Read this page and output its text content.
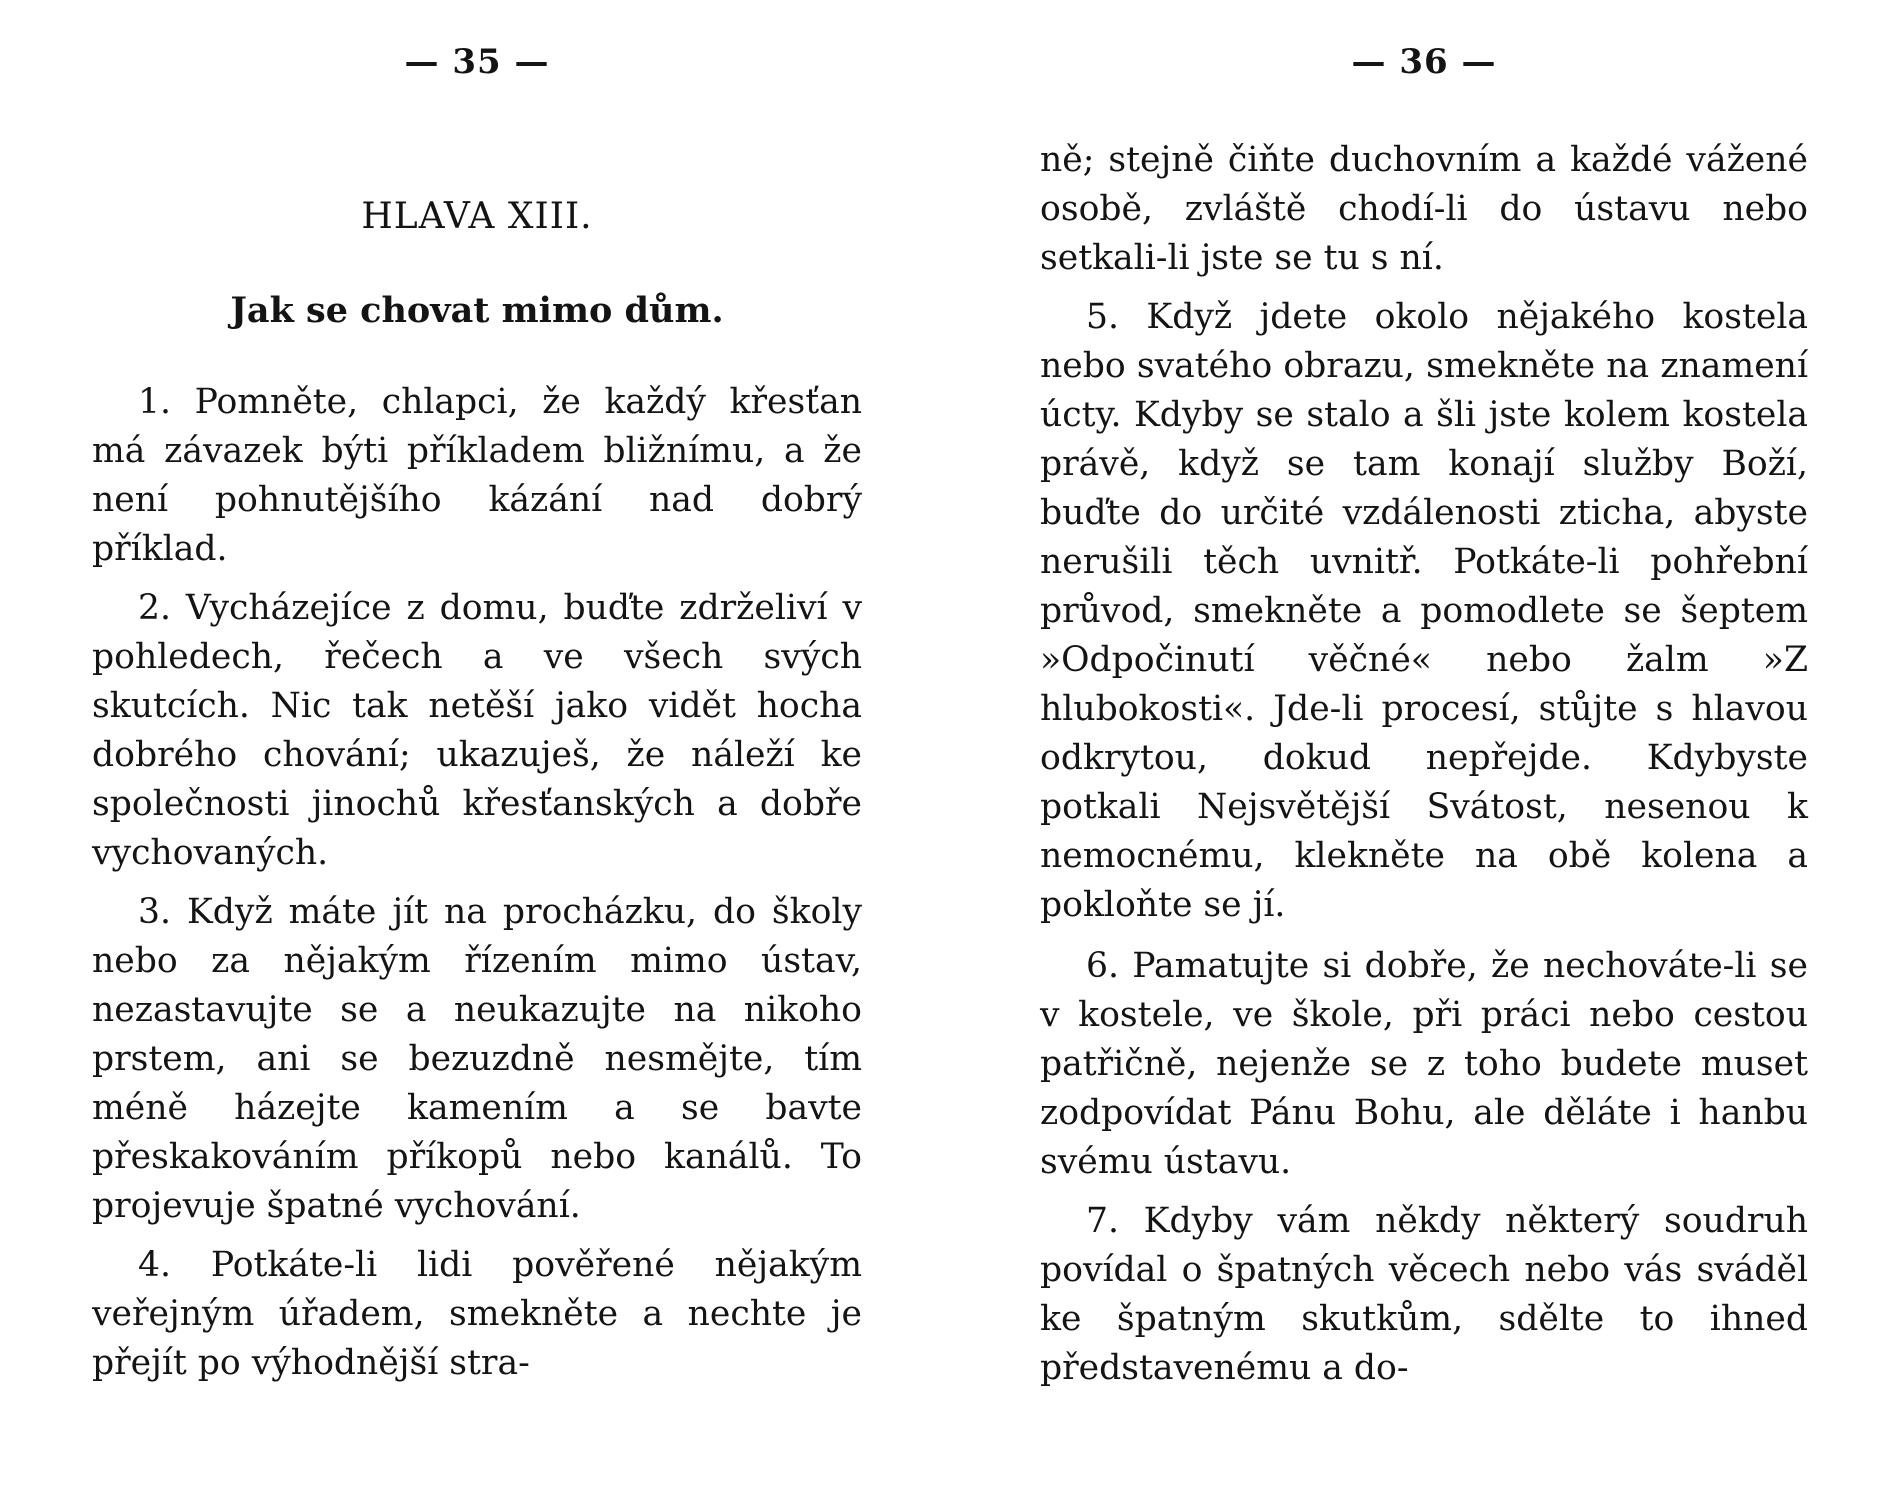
— 35 —
HLAVA XIII.
Jak se chovat mimo dům.

1. Pomněte, chlapci, že každý křesťan má závazek býti příkladem bližnímu, a že není pohnutějšího kázání nad dobrý příklad.

2. Vycházejíce z domu, buďte zdrželiví v pohledech, řečech a ve všech svých skutcích. Nic tak netěší jako vidět hocha dobrého chování; ukazuješ, že náleží ke společnosti jinochů křesťanských a dobře vychovaných.

3. Když máte jít na procházku, do školy nebo za nějakým řízením mimo ústav, nezastavujte se a neukazujte na nikoho prstem, ani se bezuzdně nesmějte, tím méně házejte kamením a se bavte přeskakováním příkopů nebo kanálů. To projevuje špatné vychování.

4. Potkáte-li lidi pověřené nějakým veřejným úřadem, smekněte a nechte je přejít po výhodnější stra-

— 36 —

ně; stejně čiňte duchovním a každé vážené osobě, zvláště chodí-li do ústavu nebo setkali-li jste se tu s ní.

5. Když jdete okolo nějakého kostela nebo svatého obrazu, smekněte na znamení úcty. Kdyby se stalo a šli jste kolem kostela právě, když se tam konají služby Boží, buďte do určité vzdálenosti zticha, abyste nerušili těch uvnitř. Potkáte-li pohřební průvod, smekněte a pomodlete se šeptem »Odpočinutí věčné« nebo žalm »Z hlubokosti«. Jde-li procesí, stůjte s hlavou odkrytou, dokud nepřejde. Kdybyste potkali Nejsvětější Svátost, nesenou k nemocnému, klekněte na obě kolena a pokloňte se jí.

6. Pamatujte si dobře, že nechováte-li se v kostele, ve škole, při práci nebo cestou patřičně, nejenže se z toho budete muset zodpovídat Pánu Bohu, ale děláte i hanbu svému ústavu.

7. Kdyby vám někdy některý soudruh povídal o špatných věcech nebo vás sváděl ke špatným skutkům, sdělte to ihned představenému a do-
